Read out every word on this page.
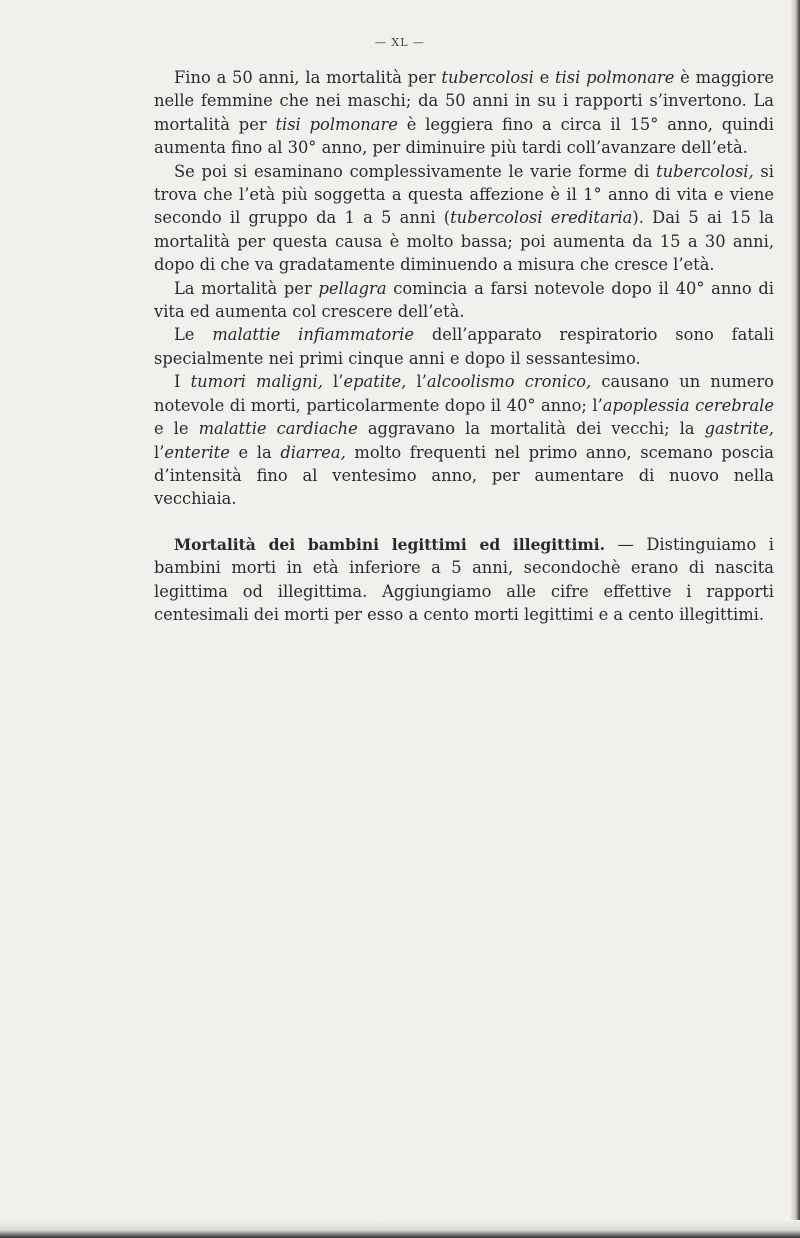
— XL —

Fino a 50 anni, la mortalità per tubercolosi e tisi polmonare è maggiore nelle femmine che nei maschi; da 50 anni in su i rapporti s’invertono. La mortalità per tisi polmonare è leggiera fino a circa il 15° anno, quindi aumenta fino al 30° anno, per diminuire più tardi coll’avanzare dell’età.

Se poi si esaminano complessivamente le varie forme di tubercolosi, si trova che l’età più soggetta a questa affezione è il 1° anno di vita e viene secondo il gruppo da 1 a 5 anni (tubercolosi ereditaria). Dai 5 ai 15 la mortalità per questa causa è molto bassa; poi aumenta da 15 a 30 anni, dopo di che va gradatamente diminuendo a misura che cresce l’età.

La mortalità per pellagra comincia a farsi notevole dopo il 40° anno di vita ed aumenta col crescere dell’età.

Le malattie infiammatorie dell’apparato respiratorio sono fatali specialmente nei primi cinque anni e dopo il sessantesimo.

I tumori maligni, l’epatite, l’alcoolismo cronico, causano un numero notevole di morti, particolarmente dopo il 40° anno; l’apoplessia cerebrale e le malattie cardiache aggravano la mortalità dei vecchi; la gastrite, l’enterite e la diarrea, molto frequenti nel primo anno, scemano poscia d’intensità fino al ventesimo anno, per aumentare di nuovo nella vecchiaia.

Mortalità dei bambini legittimi ed illegittimi. — Distinguiamo i bambini morti in età inferiore a 5 anni, secondochè erano di nascita legittima od illegittima. Aggiungiamo alle cifre effettive i rapporti centesimali dei morti per esso a cento morti legittimi e a cento illegittimi.
